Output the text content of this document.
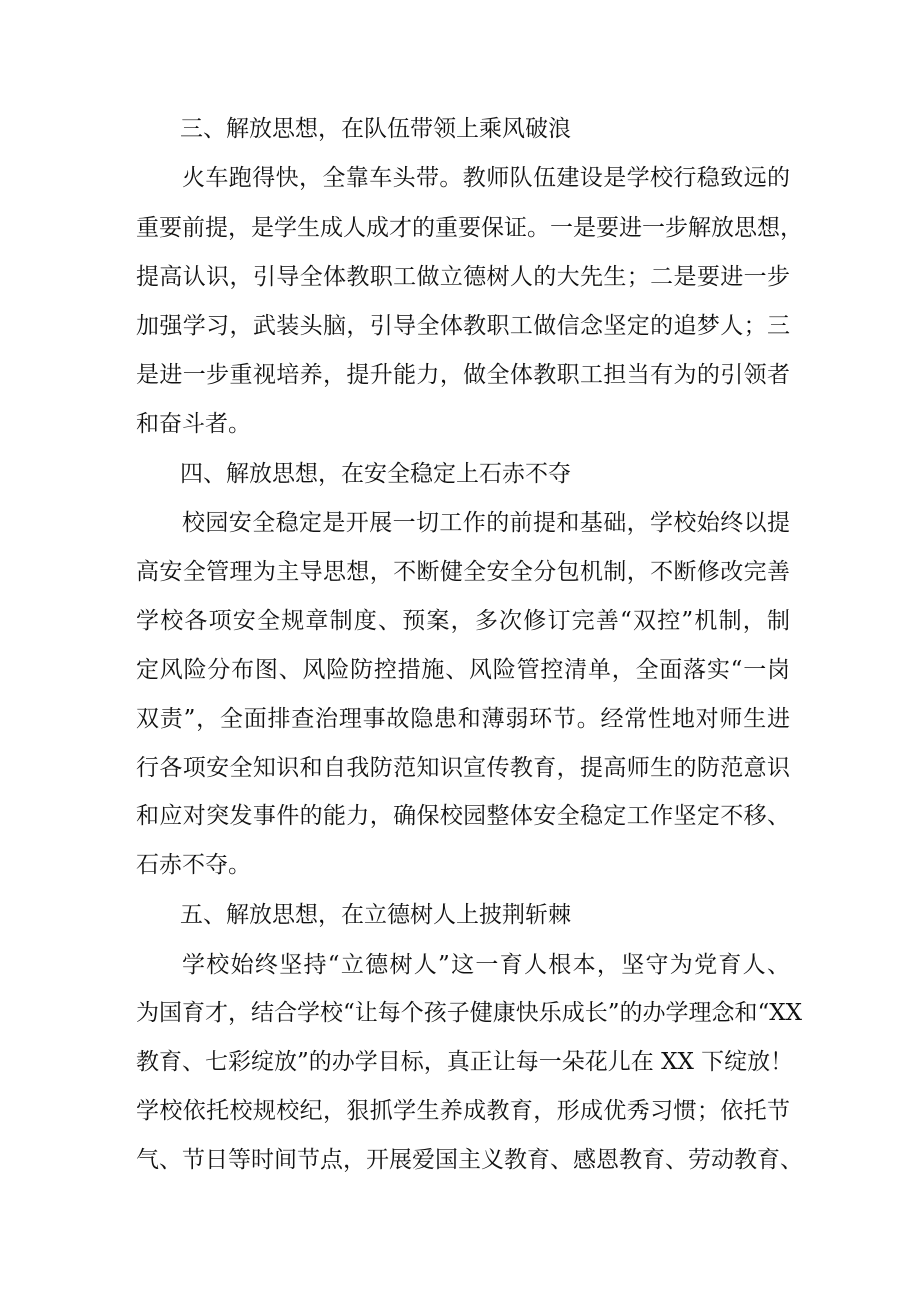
三、解放思想，在队伍带领上乘风破浪
火车跑得快，全靠车头带。教师队伍建设是学校行稳致远的
重要前提，是学生成人成才的重要保证。一是要进一步解放思想，
提高认识，引导全体教职工做立德树人的大先生；二是要进一步
加强学习，武装头脑，引导全体教职工做信念坚定的追梦人；三
是进一步重视培养，提升能力，做全体教职工担当有为的引领者
和奋斗者。
四、解放思想，在安全稳定上石赤不夺
校园安全稳定是开展一切工作的前提和基础，学校始终以提
高安全管理为主导思想，不断健全安全分包机制，不断修改完善
学校各项安全规章制度、预案，多次修订完善“双控”机制，制
定风险分布图、风险防控措施、风险管控清单，全面落实“一岗
双责”，全面排查治理事故隐患和薄弱环节。经常性地对师生进
行各项安全知识和自我防范知识宣传教育，提高师生的防范意识
和应对突发事件的能力，确保校园整体安全稳定工作坚定不移、
石赤不夺。
五、解放思想，在立德树人上披荆斩棘
学校始终坚持“立德树人”这一育人根本，坚守为党育人、
为国育才，结合学校“让每个孩子健康快乐成长”的办学理念和“XX
教育、七彩绽放”的办学目标，真正让每一朵花儿在 XX 下绽放！
学校依托校规校纪，狠抓学生养成教育，形成优秀习惯；依托节
气、节日等时间节点，开展爱国主义教育、感恩教育、劳动教育、
